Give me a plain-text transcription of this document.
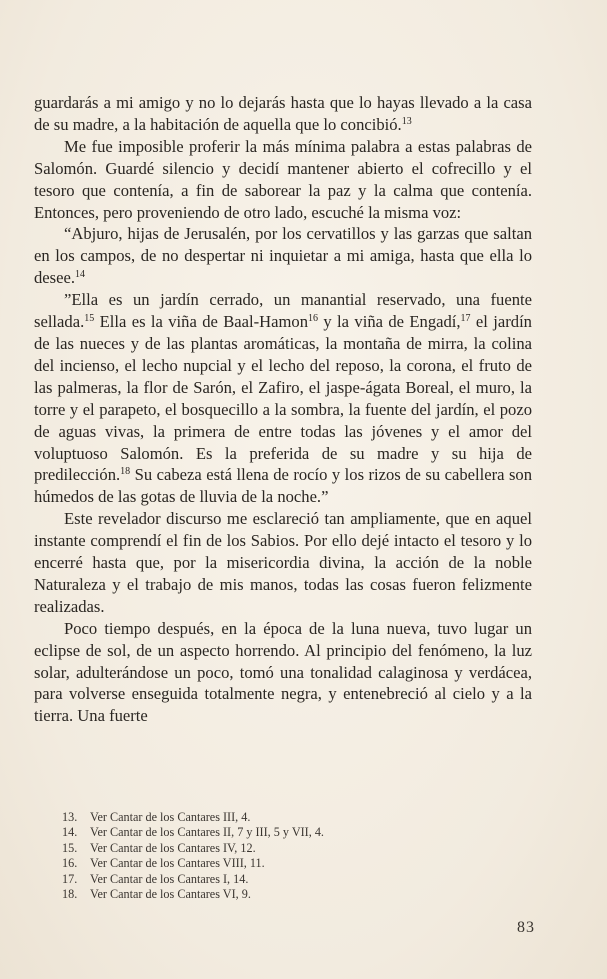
guardarás a mi amigo y no lo dejarás hasta que lo hayas llevado a la casa de su madre, a la habitación de aquella que lo concibió.$^{13}$

Me fue imposible proferir la más mínima palabra a estas palabras de Salomón. Guardé silencio y decidí mantener abierto el cofrecillo y el tesoro que contenía, a fin de saborear la paz y la calma que contenía. Entonces, pero proveniendo de otro lado, escuché la misma voz:

“Abjuro, hijas de Jerusalén, por los cervatillos y las garzas que saltan en los campos, de no despertar ni inquietar a mi amiga, hasta que ella lo desee.$^{14}$

”Ella es un jardín cerrado, un manantial reservado, una fuente sellada.$^{15}$ Ella es la viña de Baal-Hamon$^{16}$ y la viña de Engadí,$^{17}$ el jardín de las nueces y de las plantas aromáticas, la montaña de mirra, la colina del incienso, el lecho nupcial y el lecho del reposo, la corona, el fruto de las palmeras, la flor de Sarón, el Zafiro, el jaspe-ágata Boreal, el muro, la torre y el parapeto, el bosquecillo a la sombra, la fuente del jardín, el pozo de aguas vivas, la primera de entre todas las jóvenes y el amor del voluptuoso Salomón. Es la preferida de su madre y su hija de predilección.$^{18}$ Su cabeza está llena de rocío y los rizos de su cabellera son húmedos de las gotas de lluvia de la noche.”

Este revelador discurso me esclareció tan ampliamente, que en aquel instante comprendí el fin de los Sabios. Por ello dejé intacto el tesoro y lo encerré hasta que, por la misericordia divina, la acción de la noble Naturaleza y el trabajo de mis manos, todas las cosas fueron felizmente realizadas.

Poco tiempo después, en la época de la luna nueva, tuvo lugar un eclipse de sol, de un aspecto horrendo. Al principio del fenómeno, la luz solar, adulterándose un poco, tomó una tonalidad calaginosa y verdácea, para volverse enseguida totalmente negra, y entenebreció al cielo y a la tierra. Una fuerte

13.	Ver Cantar de los Cantares III, 4.
14.	Ver Cantar de los Cantares II, 7 y III, 5 y VII, 4.
15.	Ver Cantar de los Cantares IV, 12.
16.	Ver Cantar de los Cantares VIII, 11.
17.	Ver Cantar de los Cantares I, 14.
18.	Ver Cantar de los Cantares VI, 9.
83
